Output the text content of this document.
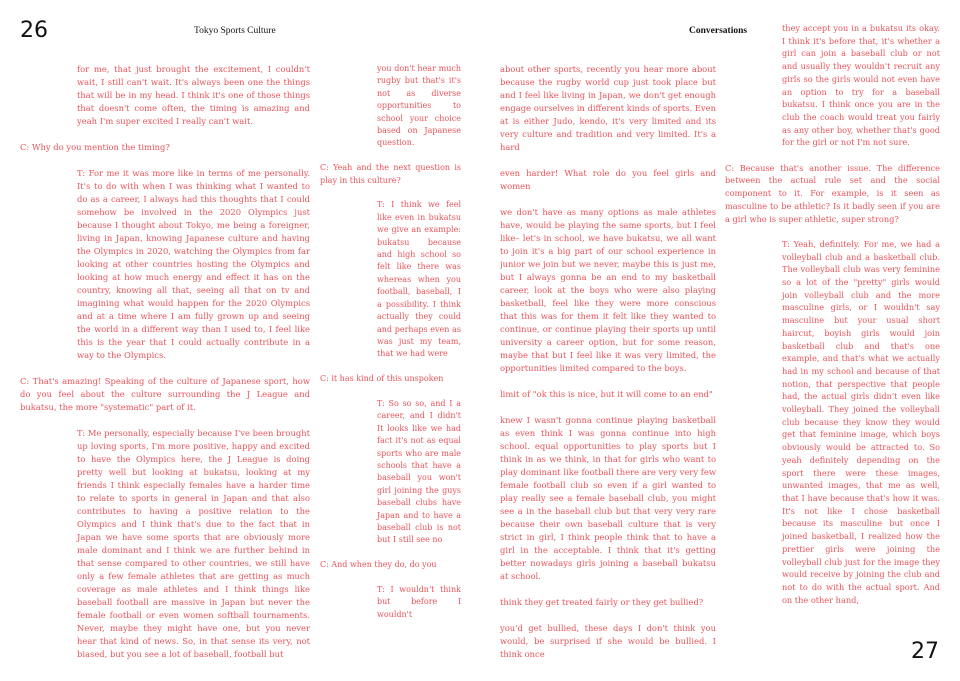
26	Tokyo Sports Culture	Conversations
27

for me, that just brought the excitement, I couldn't wait, I still can't wait. It's always been one the things that will be in my head. I think it's one of those things that doesn't come often, the timing is amazing and yeah I'm super excited I really can't wait.

C: Why do you mention the timing?

T: For me it was more like in terms of me personally. It's to do with when I was thinking what I wanted to do as a career, I always had this thoughts that I could somehow be involved in the 2020 Olympics just because I thought about Tokyo, me being a foreigner, living in Japan, knowing Japanese culture and having the Olympics in 2020, watching the Olympics from far looking at other countries hosting the Olympics and looking at how much energy and effect it has on the country, knowing all that, seeing all that on tv and imagining what would happen for the 2020 Olympics and at a time where I am fully grown up and seeing the world in a different way than I used to, I feel like this is the year that I could actually contribute in a way to the Olympics.

C: That's amazing! Speaking of the culture of Japanese sport, how do you feel about the culture surrounding the J League and bukatsu, the more "systematic" part of it.

T: Me personally, especially because I've been brought up loving sports, I'm more positive, happy and excited to have the Olympics here, the J League is doing pretty well but looking at bukatsu, looking at my friends I think especially females have a harder time to relate to sports in general in Japan and that also contributes to having a positive relation to the Olympics and I think that's due to the fact that in Japan we have some sports that are obviously more male dominant and I think we are further behind in that sense compared to other countries, we still have only a few female athletes that are getting as much coverage as male athletes and I think things like baseball football are massive in Japan but never the female football or even women softball tournaments. Never, maybe they might have one, but you never hear that kind of news. So, in that sense its very, not biased, but you see a lot of baseball, football but

you don't hear much rugby but that's it's not as diverse opportunities to school your choice based on Japanese question.

C: Yeah and the next question is play in this culture?

T: I think we feel like even in bukatsu we give an example: bukatsu because and high school so felt like there was whereas when you football, baseball, I a possibility. I think actually they could and perhaps even as was just my team, that we had were

C: it has kind of this unspoken

T: So so so, and I a career, and I didn't It looks like we had fact it's not as equal sports who are male schools that have a baseball you won't girl joining the guys baseball clubs have Japan and to have a baseball club is not but I still see no

C: And when they do, do you

T: I wouldn't think but before I wouldn't

about other sports, recently you hear more about because the rugby world cup just took place but and I feel like living in Japan, we don't get enough engage ourselves in different kinds of sports. Even at is either Judo, kendo, it's very limited and its very culture and tradition and very limited. It's a hard

even harder! What role do you feel girls and women

we don't have as many options as male athletes have, would be playing the same sports, but I feel like– let's in school, we have bukatsu, we all want to join it's a big part of our school experience in junior we join but we never, maybe this is just me, but I always gonna be an end to my basketball career, look at the boys who were also playing basketball, feel like they were more conscious that this was for them it felt like they wanted to continue, or continue playing their sports up until university a career option, but for some reason, maybe that but I feel like it was very limited, the opportunities limited compared to the boys.

limit of "ok this is nice, but it will come to an end"

knew I wasn't gonna continue playing basketball as even think I was gonna continue into high school. equal opportunities to play sports but I think in as we think, in that for girls who want to play dominant like football there are very very few female football club so even if a girl wanted to play really see a female baseball club, you might see a in the baseball club but that very very rare because their own baseball culture that is very strict in girl, I think people think that to have a girl in the acceptable. I think that it's getting better nowadays girls joining a baseball bukatsu at school.

think they get treated fairly or they get bullied?

you'd get bullied, these days I don't think you would, be surprised if she would be bullied. I think once

they accept you in a bukatsu its okay. I think it's before that, it's whether a girl can join a baseball club or not and usually they wouldn't recruit any girls so the girls would not even have an option to try for a baseball bukatsu. I think once you are in the club the coach would treat you fairly as any other boy, whether that's good for the girl or not I'm not sure.

C: Because that's another issue. The difference between the actual rule set and the social component to it. For example, is it seen as masculine to be athletic? Is it badly seen if you are a girl who is super athletic, super strong?

T: Yeah, definitely. For me, we had a volleyball club and a basketball club. The volleyball club was very feminine so a lot of the "pretty" girls would join volleyball club and the more masculine girls, or I wouldn't say masculine but your usual short haircut, boyish girls would join basketball club and that's one example, and that's what we actually had in my school and because of that notion, that perspective that people had, the actual girls didn't even like volleyball. They joined the volleyball club because they know they would get that feminine image, which boys obviously would be attracted to. So yeah definitely depending on the sport there were these images, unwanted images, that me as well, that I have because that's how it was. It's not like I chose basketball because its masculine but once I joined basketball, I realized how the prettier girls were joining the volleyball club just for the image they would receive by joining the club and not to do with the actual sport. And on the other hand,
